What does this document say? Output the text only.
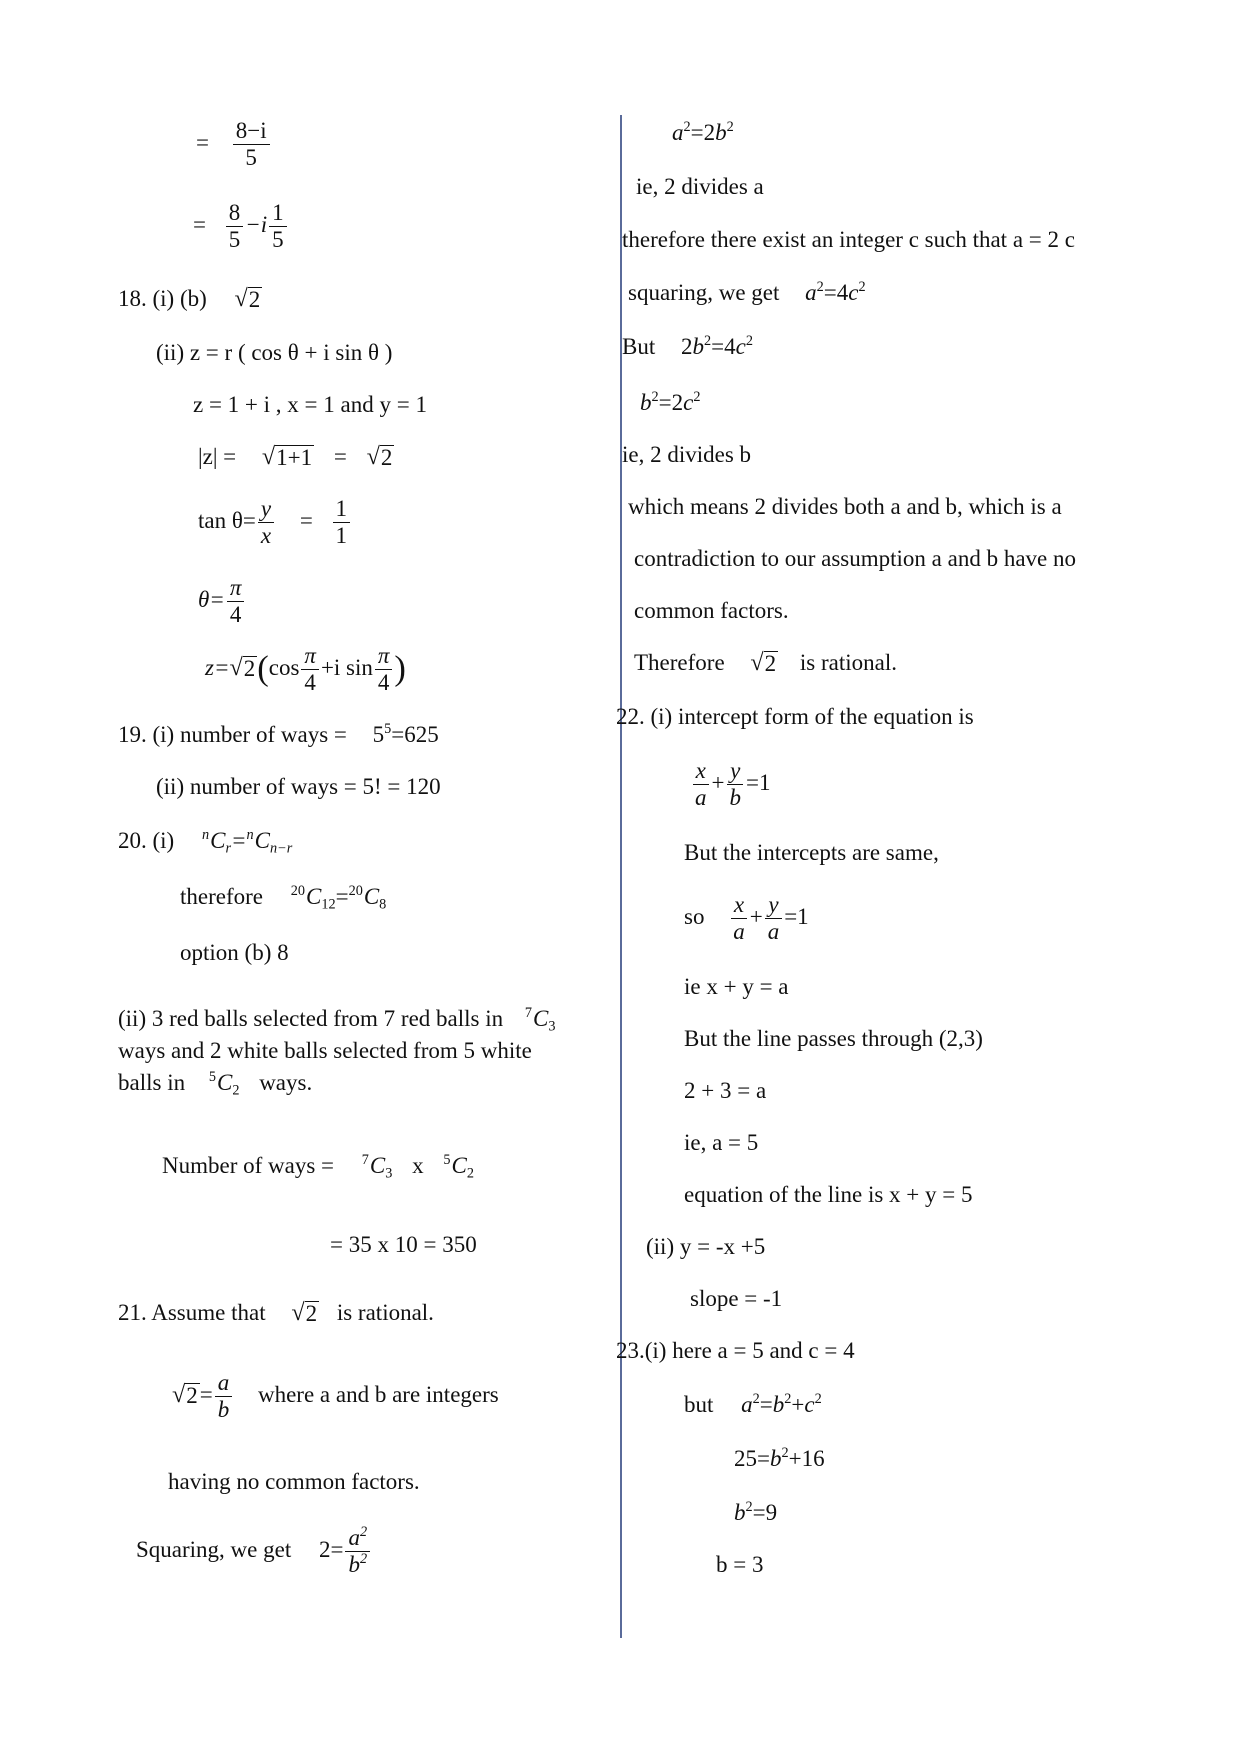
= $\frac{8-i}{5}$
= $\frac{8}{5} -i \frac{1}{5}$
18. (i) (b) √ 2
(ii) z = r ( cos θ + i sin θ )
z = 1 + i , x = 1 and y = 1
|z| = √ 1+1 = √ 2
$\tan \theta= \frac{y}{x} = \frac{1}{1}$
$\theta= \frac{\pi}{4}$
z= √ 2 ($\cos \frac{\pi}{4} +i$ $\sin \frac{\pi}{4}$ )
19. (i) number of ways = $5^5=625$
(ii) number of ways = 5! = 120
20. (i) $^nC_r=^nC_{n-r}$
therefore $^{20}C_{12}=^{20}C_8$
option (b) 8
(ii) 3 red balls selected from 7 red balls in $^7C_3$
ways and 2 white balls selected from 5 white
balls in $^5C_2$ ways.
Number of ways = $^7C_3$ x $^5C_2$
= 35 x 10 = 350
21. Assume that √ 2 is rational.
√ $2 = \frac{a}{b}$ where a and b are integers
having no common factors.
Squaring, we get $2= \frac{a^2}{b^2}$
$a^2=2b^2$
ie, 2 divides a
therefore there exist an integer c such that a = 2 c
squaring, we get $a^2=4c^2$
But $2b^2=4c^2$
$b^2=2c^2$
ie, 2 divides b
which means 2 divides both a and b, which is a
contradiction to our assumption a and b have no
common factors.
Therefore √ 2 is rational.
22. (i) intercept form of the equation is
$\frac{x}{a} + \frac{y}{b} =1$
But the intercepts are same,
so $\frac{x}{a} + \frac{y}{a} =1$
ie x + y = a
But the line passes through (2,3)
2 + 3 = a
ie, a = 5
equation of the line is x + y = 5
(ii) y = -x +5
slope = -1
23.(i) here a = 5 and c = 4
but $a^2=b^2+c^2$
$25=b^2+16$
$b^2=9$
b = 3
